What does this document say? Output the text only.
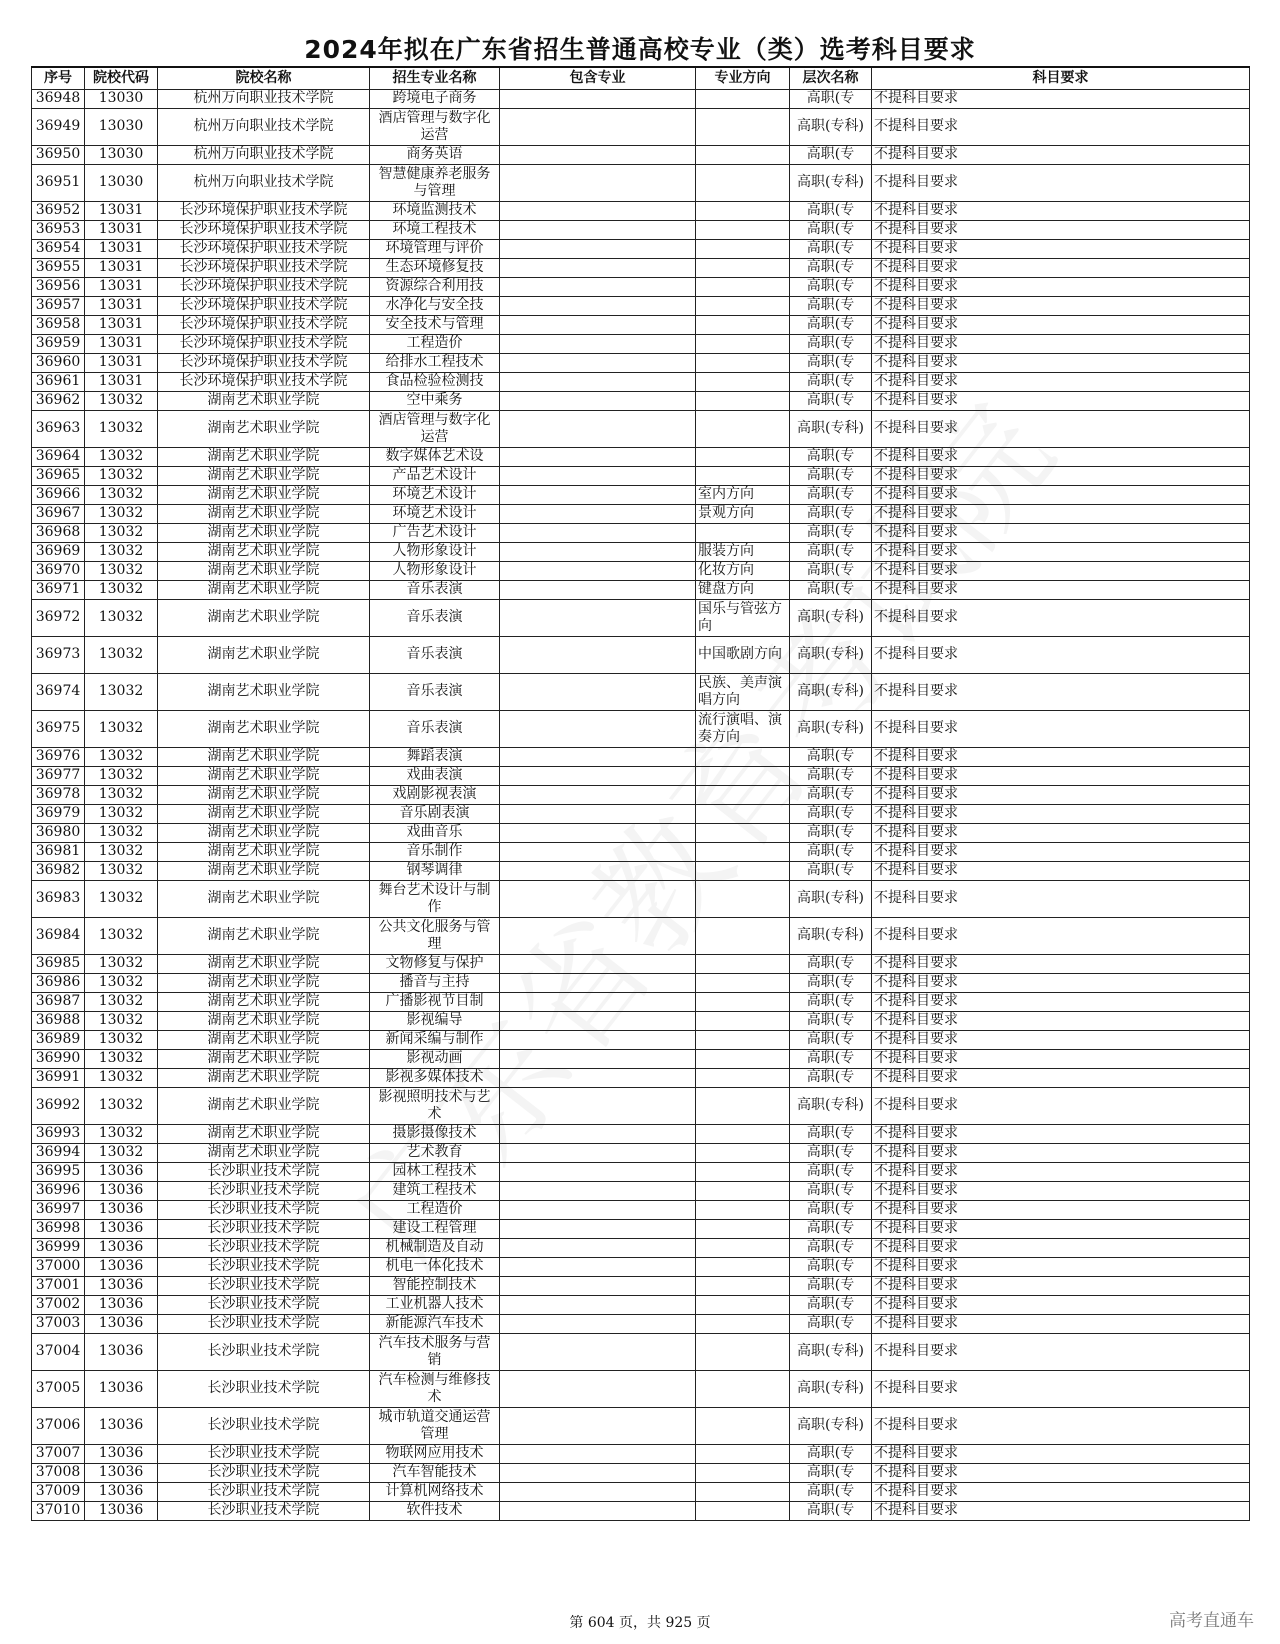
2024年拟在广东省招生普通高校专业（类）选考科目要求
序号	院校代码	院校名称	招生专业名称	包含专业	专业方向	层次名称	科目要求
36948	13030	杭州万向职业技术学院	跨境电子商务			高职(专	不提科目要求
36949	13030	杭州万向职业技术学院	酒店管理与数字化运营			高职(专科)	不提科目要求
36950	13030	杭州万向职业技术学院	商务英语			高职(专	不提科目要求
36951	13030	杭州万向职业技术学院	智慧健康养老服务与管理			高职(专科)	不提科目要求
36952	13031	长沙环境保护职业技术学院	环境监测技术			高职(专	不提科目要求
36953	13031	长沙环境保护职业技术学院	环境工程技术			高职(专	不提科目要求
36954	13031	长沙环境保护职业技术学院	环境管理与评价			高职(专	不提科目要求
36955	13031	长沙环境保护职业技术学院	生态环境修复技			高职(专	不提科目要求
36956	13031	长沙环境保护职业技术学院	资源综合利用技			高职(专	不提科目要求
36957	13031	长沙环境保护职业技术学院	水净化与安全技			高职(专	不提科目要求
36958	13031	长沙环境保护职业技术学院	安全技术与管理			高职(专	不提科目要求
36959	13031	长沙环境保护职业技术学院	工程造价			高职(专	不提科目要求
36960	13031	长沙环境保护职业技术学院	给排水工程技术			高职(专	不提科目要求
36961	13031	长沙环境保护职业技术学院	食品检验检测技			高职(专	不提科目要求
36962	13032	湖南艺术职业学院	空中乘务			高职(专	不提科目要求
36963	13032	湖南艺术职业学院	酒店管理与数字化运营			高职(专科)	不提科目要求
36964	13032	湖南艺术职业学院	数字媒体艺术设			高职(专	不提科目要求
36965	13032	湖南艺术职业学院	产品艺术设计			高职(专	不提科目要求
36966	13032	湖南艺术职业学院	环境艺术设计		室内方向	高职(专	不提科目要求
36967	13032	湖南艺术职业学院	环境艺术设计		景观方向	高职(专	不提科目要求
36968	13032	湖南艺术职业学院	广告艺术设计			高职(专	不提科目要求
36969	13032	湖南艺术职业学院	人物形象设计		服装方向	高职(专	不提科目要求
36970	13032	湖南艺术职业学院	人物形象设计		化妆方向	高职(专	不提科目要求
36971	13032	湖南艺术职业学院	音乐表演		键盘方向	高职(专	不提科目要求
36972	13032	湖南艺术职业学院	音乐表演		国乐与管弦方向	高职(专科)	不提科目要求
36973	13032	湖南艺术职业学院	音乐表演		中国歌剧方向	高职(专科)	不提科目要求
36974	13032	湖南艺术职业学院	音乐表演		民族、美声演唱方向	高职(专科)	不提科目要求
36975	13032	湖南艺术职业学院	音乐表演		流行演唱、演奏方向	高职(专科)	不提科目要求
36976	13032	湖南艺术职业学院	舞蹈表演			高职(专	不提科目要求
36977	13032	湖南艺术职业学院	戏曲表演			高职(专	不提科目要求
36978	13032	湖南艺术职业学院	戏剧影视表演			高职(专	不提科目要求
36979	13032	湖南艺术职业学院	音乐剧表演			高职(专	不提科目要求
36980	13032	湖南艺术职业学院	戏曲音乐			高职(专	不提科目要求
36981	13032	湖南艺术职业学院	音乐制作			高职(专	不提科目要求
36982	13032	湖南艺术职业学院	钢琴调律			高职(专	不提科目要求
36983	13032	湖南艺术职业学院	舞台艺术设计与制作			高职(专科)	不提科目要求
36984	13032	湖南艺术职业学院	公共文化服务与管理			高职(专科)	不提科目要求
36985	13032	湖南艺术职业学院	文物修复与保护			高职(专	不提科目要求
36986	13032	湖南艺术职业学院	播音与主持			高职(专	不提科目要求
36987	13032	湖南艺术职业学院	广播影视节目制			高职(专	不提科目要求
36988	13032	湖南艺术职业学院	影视编导			高职(专	不提科目要求
36989	13032	湖南艺术职业学院	新闻采编与制作			高职(专	不提科目要求
36990	13032	湖南艺术职业学院	影视动画			高职(专	不提科目要求
36991	13032	湖南艺术职业学院	影视多媒体技术			高职(专	不提科目要求
36992	13032	湖南艺术职业学院	影视照明技术与艺术			高职(专科)	不提科目要求
36993	13032	湖南艺术职业学院	摄影摄像技术			高职(专	不提科目要求
36994	13032	湖南艺术职业学院	艺术教育			高职(专	不提科目要求
36995	13036	长沙职业技术学院	园林工程技术			高职(专	不提科目要求
36996	13036	长沙职业技术学院	建筑工程技术			高职(专	不提科目要求
36997	13036	长沙职业技术学院	工程造价			高职(专	不提科目要求
36998	13036	长沙职业技术学院	建设工程管理			高职(专	不提科目要求
36999	13036	长沙职业技术学院	机械制造及自动			高职(专	不提科目要求
37000	13036	长沙职业技术学院	机电一体化技术			高职(专	不提科目要求
37001	13036	长沙职业技术学院	智能控制技术			高职(专	不提科目要求
37002	13036	长沙职业技术学院	工业机器人技术			高职(专	不提科目要求
37003	13036	长沙职业技术学院	新能源汽车技术			高职(专	不提科目要求
37004	13036	长沙职业技术学院	汽车技术服务与营销			高职(专科)	不提科目要求
37005	13036	长沙职业技术学院	汽车检测与维修技术			高职(专科)	不提科目要求
37006	13036	长沙职业技术学院	城市轨道交通运营管理			高职(专科)	不提科目要求
37007	13036	长沙职业技术学院	物联网应用技术			高职(专	不提科目要求
37008	13036	长沙职业技术学院	汽车智能技术			高职(专	不提科目要求
37009	13036	长沙职业技术学院	计算机网络技术			高职(专	不提科目要求
37010	13036	长沙职业技术学院	软件技术			高职(专	不提科目要求
第 604 页，共 925 页	高考直通车
